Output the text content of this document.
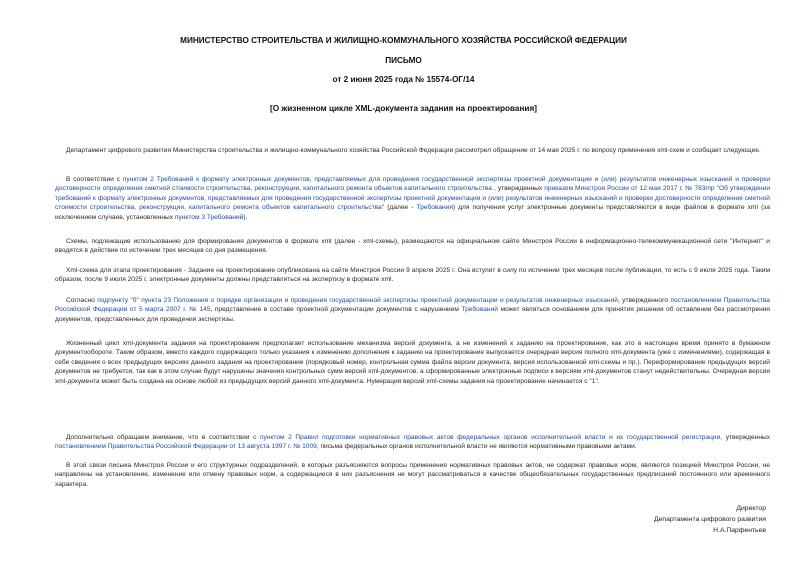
МИНИСТЕРСТВО СТРОИТЕЛЬСТВА И ЖИЛИЩНО-КОММУНАЛЬНОГО ХОЗЯЙСТВА РОССИЙСКОЙ ФЕДЕРАЦИИ
ПИСЬМО
от 2 июня 2025 года № 15574-ОГ/14
[О жизненном цикле XML-документа задания на проектирования]
Департамент цифрового развития Министерства строительства и жилищно-коммунального хозяйства Российской Федерации рассмотрел обращение от 14 мая 2025 г. по вопросу применения xml-схем и сообщает следующее.
В соответствии с пунктом 2 Требований к формату электронных документов, представляемых для проведения государственной экспертизы проектной документации и (или) результатов инженерных изысканий и проверки достоверности определения сметной стоимости строительства, реконструкции, капитального ремонта объектов капитального строительства , утвержденных приказом Минстроя России от 12 мая 2017 г. № 783/пр "Об утверждении требований к формату электронных документов, представляемых для проведения государственной экспертизы проектной документации и (или) результатов инженерных изысканий и проверки достоверности определения сметной стоимости строительства, реконструкции, капитального ремонта объектов капитального строительства" (далее - Требования) для получения услуг электронные документы представляются в виде файлов в формате xml (за исключением случаев, установленных пунктом 3 Требований).
Схемы, подлежащие использованию для формирования документов в формате xml (далее - xml-схемы), размещаются на официальном сайте Минстроя России в информационно-телекоммуникационной сети "Интернет" и вводятся в действие по истечении трех месяцев со дня размещения.
Xml-схема для этапа проектирования - Задание на проектирование опубликована на сайте Минстроя России 9 апреля 2025 г. Она вступит в силу по истечении трех месяцев после публикации, то есть с 9 июля 2025 года. Таким образом, после 9 июля 2025 г. электронные документы должны представляться на экспертизу в формате xml.
Согласно подпункту "б" пункта 23 Положения о порядке организации и проведения государственной экспертизы проектной документации и результатов инженерных изысканий, утвержденного постановлением Правительства Российской Федерации от 5 марта 2007 г. № 145, представление в составе проектной документации документов с нарушением Требований может являться основанием для принятия решения об оставлении без рассмотрения документов, представленных для проведения экспертизы.
Жизненный цикл xml-документа задания на проектирование предполагает использование механизма версий документа, а не изменений к заданию на проектирование, как это в настоящее время принято в бумажном документообороте. Таким образом, вместо каждого содержащего только указания к изменению дополнения к заданию на проектирование выпускается очередная версия полного xml-документа (уже с изменениями), содержащая в себе сведения о всех предыдущих версиях данного задания на проектирование (порядковый номер, контрольная сумма файла версии документа, версия использованной xml-схемы и пр.). Переформирование предыдущих версий документов не требуется, так как в этом случае будут нарушены значения контрольных сумм версий xml-документов, а сформированные электронные подписи к версиям xml-документов станут недействительны. Очередная версия xml-документа может быть создана на основе любой из предыдущих версий данного xml-документа. Нумерация версий xml-схемы задания на проектирование начинается с "1".
Дополнительно обращаем внимание, что в соответствии с пунктом 2 Правил подготовки нормативных правовых актов федеральных органов исполнительной власти и их государственной регистрации, утвержденных постановлением Правительства Российской Федерации от 13 августа 1997 г. № 1009, письма федеральных органов исполнительной власти не являются нормативными правовыми актами.
В этой связи письма Минстроя России и его структурных подразделений, в которых разъясняются вопросы применения нормативных правовых актов, не содержат правовых норм, являются позицией Минстроя России, не направлены на установление, изменение или отмену правовых норм, а содержащиеся в них разъяснения не могут рассматриваться в качестве общеобязательных государственных предписаний постоянного или временного характера.
Директор
Департамента цифрового развития
Н.А.Парфентьев
